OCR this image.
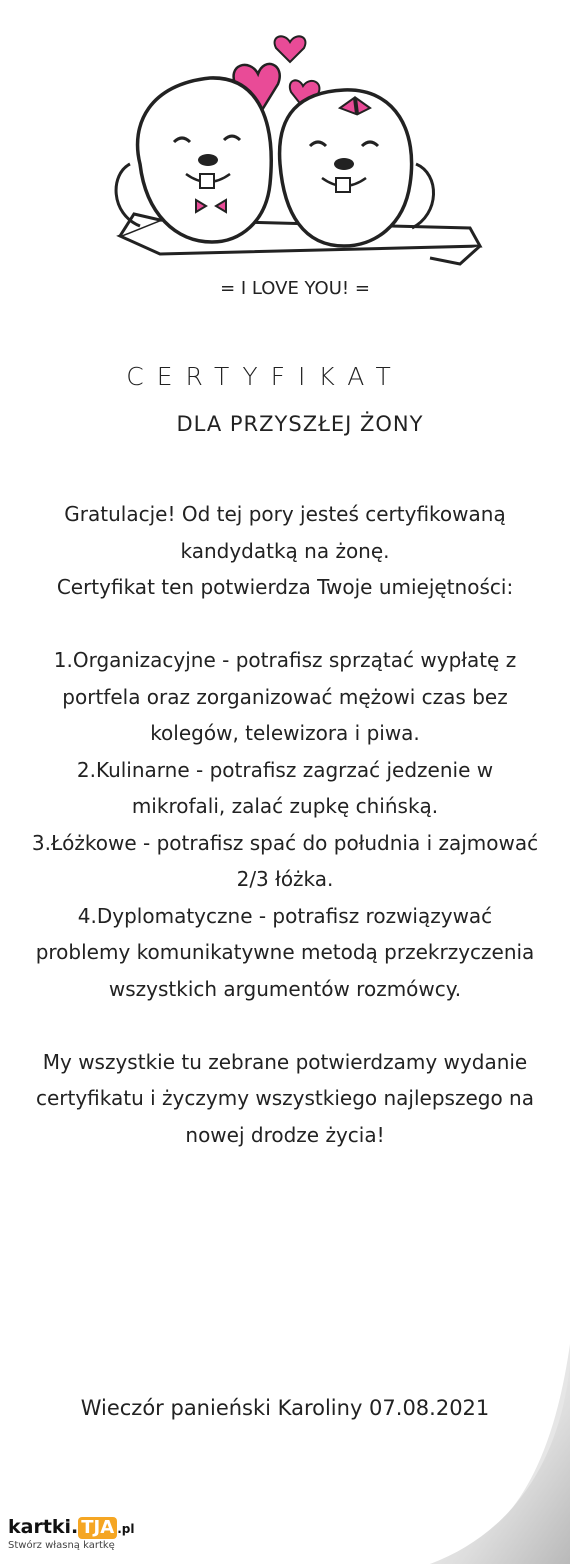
= I LOVE YOU! =
CERTYFIKAT
DLA PRZYSZŁEJ ŻONY

Gratulacje! Od tej pory jesteś certyfikowaną kandydatką na żonę.

Certyfikat ten potwierdza Twoje umiejętności:

1.Organizacyjne - potrafisz sprzątać wypłatę z portfela oraz zorganizować mężowi czas bez kolegów, telewizora i piwa.

2.Kulinarne - potrafisz zagrzać jedzenie w mikrofali, zalać zupkę chińską.

3.Łóżkowe - potrafisz spać do południa i zajmować 2/3 łóżka.

4.Dyplomatyczne - potrafisz rozwiązywać problemy komunikatywne metodą przekrzyczenia wszystkich argumentów rozmówcy.

My wszystkie tu zebrane potwierdzamy wydanie certyfikatu i życzymy wszystkiego najlepszego na nowej drodze życia!

Wieczór panieński Karoliny 07.08.2021
kartki. TJA .pl
Stwórz własną kartkę
